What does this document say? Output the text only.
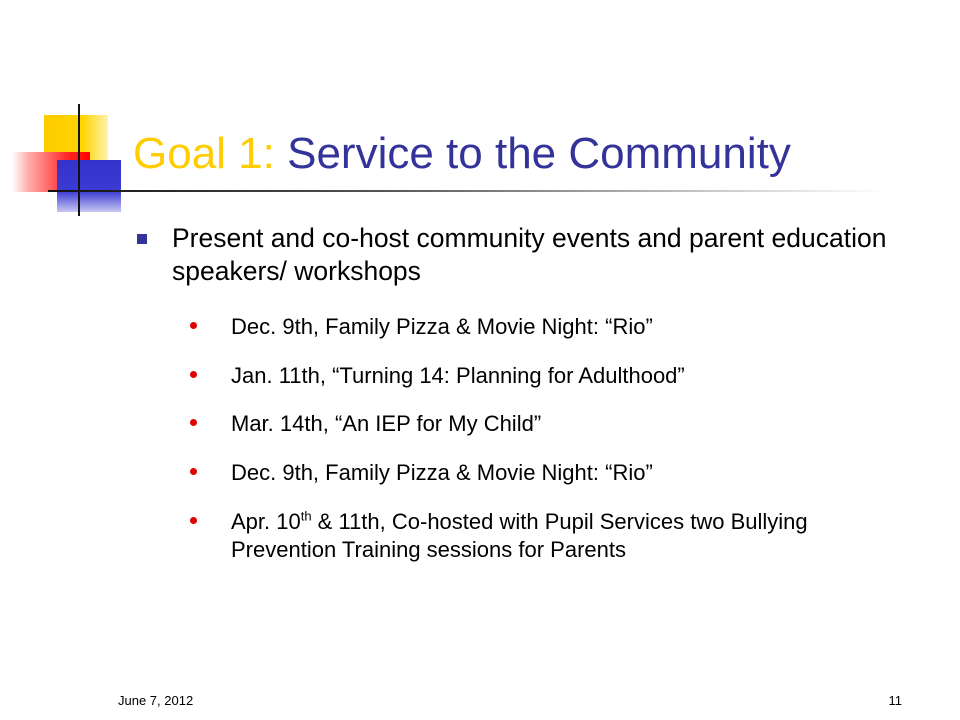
Goal 1: Service to the Community
Present and co-host community events and parent education speakers/ workshops
Dec. 9th, Family Pizza & Movie Night: “Rio”
Jan. 11th, “Turning 14: Planning for Adulthood”
Mar. 14th, “An IEP for My Child”
Dec. 9th, Family Pizza & Movie Night: “Rio”
Apr. 10th & 11th, Co-hosted with Pupil Services two Bullying Prevention Training sessions for Parents
June 7, 2012	11
